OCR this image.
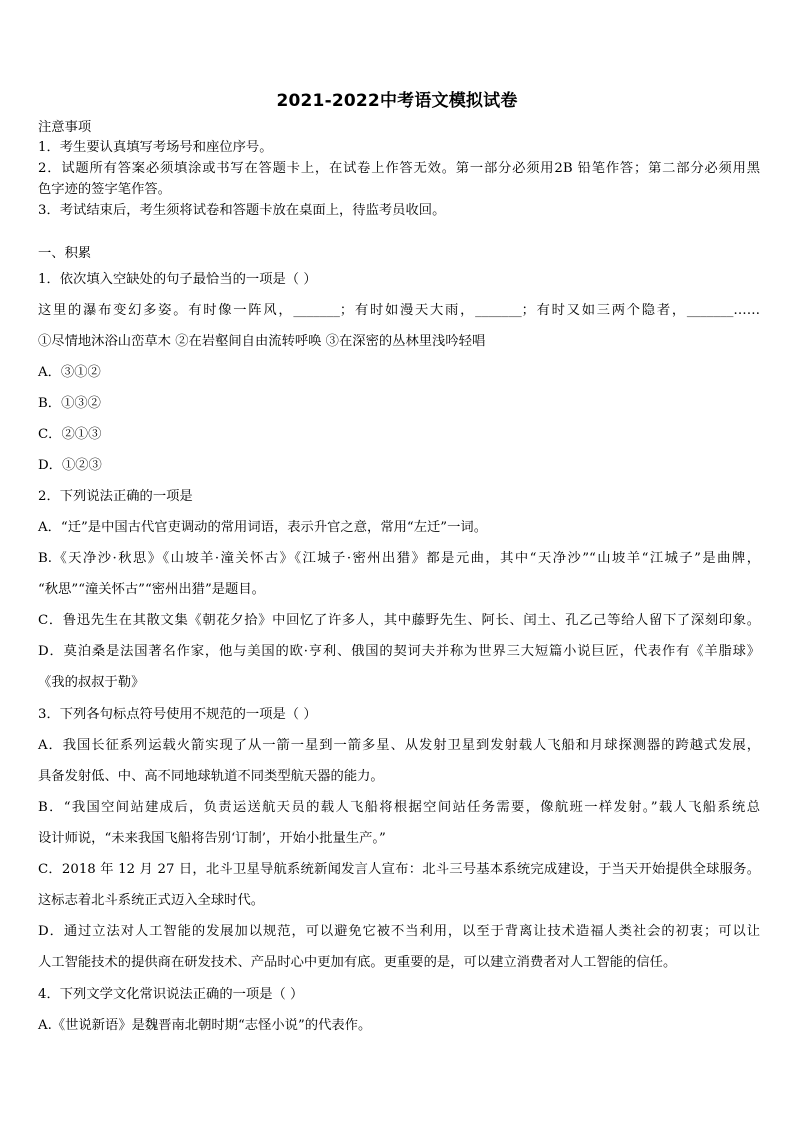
2021-2022中考语文模拟试卷
注意事项
1．考生要认真填写考场号和座位序号。
2．试题所有答案必须填涂或书写在答题卡上，在试卷上作答无效。第一部分必须用2B 铅笔作答；第二部分必须用黑
色字迹的签字笔作答。
3．考试结束后，考生须将试卷和答题卡放在桌面上，待监考员收回。
一、积累
1．依次填入空缺处的句子最恰当的一项是（ ）
这里的瀑布变幻多姿。有时像一阵风，_______；有时如漫天大雨，_______；有时又如三两个隐者，_______……
①尽情地沐浴山峦草木 ②在岩壑间自由流转呼唤 ③在深密的丛林里浅吟轻唱
A．③①②
B．①③②
C．②①③
D．①②③
2．下列说法正确的一项是
A．“迁”是中国古代官吏调动的常用词语，表示升官之意，常用“左迁”一词。
B.《天净沙·秋思》《山坡羊·潼关怀古》《江城子·密州出猎》都是元曲，其中“天净沙”“山坡羊“江城子”是曲牌，
“秋思”“潼关怀古”“密州出猎”是题目。
C．鲁迅先生在其散文集《朝花夕拾》中回忆了许多人，其中藤野先生、阿长、闰土、孔乙己等给人留下了深刻印象。
D．莫泊桑是法国著名作家，他与美国的欧·亨利、俄国的契诃夫并称为世界三大短篇小说巨匠，代表作有《羊脂球》
《我的叔叔于勒》
3．下列各句标点符号使用不规范的一项是（ ）
A．我国长征系列运载火箭实现了从一箭一星到一箭多星、从发射卫星到发射载人飞船和月球探测器的跨越式发展，
具备发射低、中、高不同地球轨道不同类型航天器的能力。
B．“我国空间站建成后，负责运送航天员的载人飞船将根据空间站任务需要，像航班一样发射。”载人飞船系统总
设计师说，“未来我国飞船将告别‘订制’，开始小批量生产。”
C．2018 年 12 月 27 日，北斗卫星导航系统新闻发言人宣布：北斗三号基本系统完成建设，于当天开始提供全球服务。
这标志着北斗系统正式迈入全球时代。
D．通过立法对人工智能的发展加以规范，可以避免它被不当利用，以至于背离让技术造福人类社会的初衷；可以让
人工智能技术的提供商在研发技术、产品时心中更加有底。更重要的是，可以建立消费者对人工智能的信任。
4．下列文学文化常识说法正确的一项是（ ）
A.《世说新语》是魏晋南北朝时期“志怪小说”的代表作。
